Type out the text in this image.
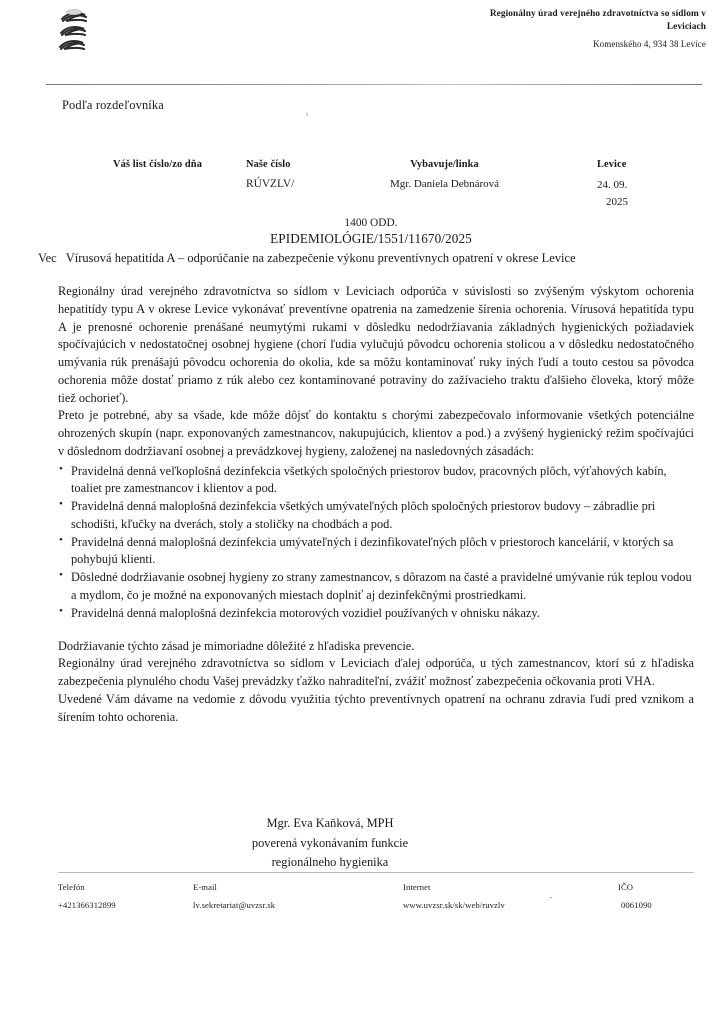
Regionálny úrad verejného zdravotníctva so sídlom v
Leviciach
Komenského 4, 934 38 Levice
Podľa rozdeľovníka
ı
Váš list číslo/zo dňa	Naše číslo
RÚVZLV/
Vybavuje/linka
Mgr. Daniela Debnárová
Levice
24. 09.
2025
1400 ODD.
EPIDEMIOLÓGIE/1551/11670/2025
Vec Vírusová hepatitída A – odporúčanie na zabezpečenie výkonu preventívnych opatrení v okrese Levice

Regionálny úrad verejného zdravotníctva so sídlom v Leviciach odporúča v súvislosti so zvýšeným výskytom ochorenia hepatitídy typu A v okrese Levice vykonávať preventívne opatrenia na zamedzenie šírenia ochorenia. Vírusová hepatitída typu A je prenosné ochorenie prenášané neumytými rukami v dôsledku nedodržiavania základných hygienických požiadaviek spočívajúcich v nedostatočnej osobnej hygiene (chorí ľudia vylučujú pôvodcu ochorenia stolicou a v dôsledku nedostatočného umývania rúk prenášajú pôvodcu ochorenia do okolia, kde sa môžu kontaminovať ruky iných ľudí a touto cestou sa pôvodca ochorenia môže dostať priamo z rúk alebo cez kontaminované potraviny do zažívacieho traktu ďalšieho človeka, ktorý môže tiež ochorieť).

Preto je potrebné, aby sa všade, kde môže dôjsť do kontaktu s chorými zabezpečovalo informovanie všetkých potenciálne ohrozených skupín (napr. exponovaných zamestnancov, nakupujúcich, klientov a pod.) a zvýšený hygienický režim spočívajúci v dôslednom dodržiavaní osobnej a prevádzkovej hygieny, založenej na nasledovných zásadách:

• Pravidelná denná veľkoplošná dezinfekcia všetkých spoločných priestorov budov, pracovných plôch, výťahových kabín, toaliet pre zamestnancov i klientov a pod.
• Pravidelná denná maloplošná dezinfekcia všetkých umývateľných plôch spoločných priestorov budovy – zábradlie pri schodišti, kľučky na dverách, stoly a stoličky na chodbách a pod.
• Pravidelná denná maloplošná dezinfekcia umývateľných i dezinfikovateľných plôch v priestoroch kancelárií, v ktorých sa pohybujú klienti.
• Dôsledné dodržiavanie osobnej hygieny zo strany zamestnancov, s dôrazom na časté a pravidelné umývanie rúk teplou vodou a mydlom, čo je možné na exponovaných miestach doplniť aj dezinfekčnými prostriedkami.
• Pravidelná denná maloplošná dezinfekcia motorových vozidiel používaných v ohnisku nákazy.

Dodržiavanie týchto zásad je mimoriadne dôležité z hľadiska prevencie.

Regionálny úrad verejného zdravotníctva so sídlom v Leviciach ďalej odporúča, u tých zamestnancov, ktorí sú z hľadiska zabezpečenia plynulého chodu Vašej prevádzky ťažko nahraditeľní, zvážiť možnosť zabezpečenia očkovania proti VHA.

Uvedené Vám dávame na vedomie z dôvodu využitia týchto preventívnych opatrení na ochranu zdravia ľudí pred vznikom a šírením tohto ochorenia.

Mgr. Eva Kaňková, MPH
poverená vykonávaním funkcie
regionálneho hygienika
Telefón
+421366312899
E-mail
lv.sekretariat@uvzsr.sk
Internet
www.uvzsr.sk/sk/web/ruvzlv
.
IČO
0061090
